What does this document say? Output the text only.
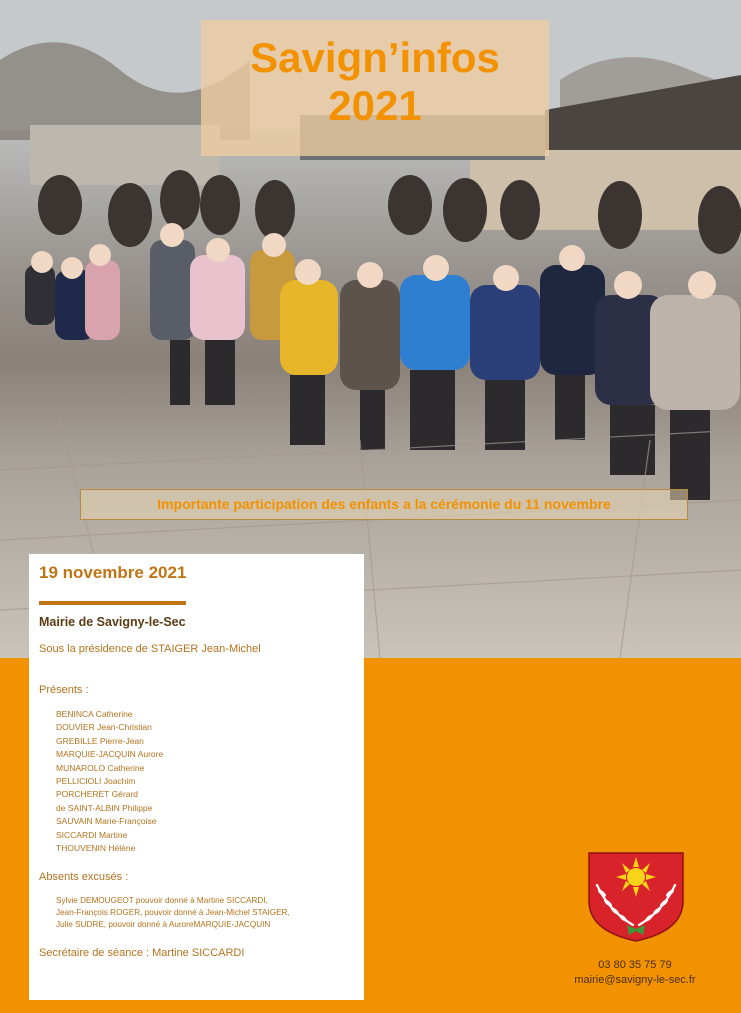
Savign’infos
2021
Importante participation des enfants a la cérémonie du 11 novembre
19 novembre 2021
Mairie de Savigny-le-Sec
Sous la présidence de STAIGER Jean-Michel
Présents :
BENINCA Catherine
DOUVIER Jean-Christian
GREBILLE Pierre-Jean
MARQUIE-JACQUIN Aurore
MUNAROLO Catherine
PELLICIOLI Joachim
PORCHERET Gérard
de SAINT-ALBIN Philippe
SAUVAIN Marie-Françoise
SICCARDI Martine
THOUVENIN Hélène
Absents excusés :
Sylvie DEMOUGEOT pouvoir donné à Martine SICCARDI,
Jean-François ROGER, pouvoir donné à Jean-Michel STAIGER,
Julie SUDRE, pouvoir donné à AuroreMARQUIE-JACQUIN
Secrétaire de séance : Martine SICCARDI
03 80 35 75 79
mairie@savigny-le-sec.fr
